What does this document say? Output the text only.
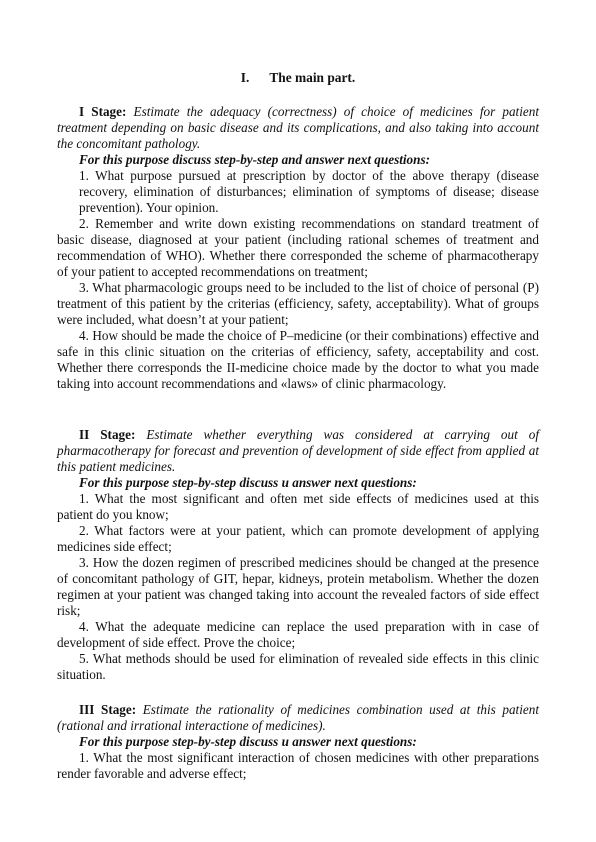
I. The main part.

I Stage: Estimate the adequacy (correctness) of choice of medicines for patient treatment depending on basic disease and its complications, and also taking into account the concomitant pathology.

For this purpose discuss step-by-step and answer next questions:

1. What purpose pursued at prescription by doctor of the above therapy (disease recovery, elimination of disturbances; elimination of symptoms of disease; disease prevention). Your opinion.

2. Remember and write down existing recommendations on standard treatment of basic disease, diagnosed at your patient (including rational schemes of treatment and recommendation of WHO). Whether there corresponded the scheme of pharmacotherapy of your patient to accepted recommendations on treatment;

3. What pharmacologic groups need to be included to the list of choice of personal (P) treatment of this patient by the criterias (efficiency, safety, acceptability). What of groups were included, what doesn’t at your patient;

4. How should be made the choice of P–medicine (or their combinations) effective and safe in this clinic situation on the criterias of efficiency, safety, acceptability and cost. Whether there corresponds the II-medicine choice made by the doctor to what you made taking into account recommendations and «laws» of clinic pharmacology.

II Stage: Estimate whether everything was considered at carrying out of pharmacotherapy for forecast and prevention of development of side effect from applied at this patient medicines.

For this purpose step-by-step discuss u answer next questions:

1. What the most significant and often met side effects of medicines used at this patient do you know;

2. What factors were at your patient, which can promote development of applying medicines side effect;

3. How the dozen regimen of prescribed medicines should be changed at the presence of concomitant pathology of GIT, hepar, kidneys, protein metabolism. Whether the dozen regimen at your patient was changed taking into account the revealed factors of side effect risk;

4. What the adequate medicine can replace the used preparation with in case of development of side effect. Prove the choice;

5. What methods should be used for elimination of revealed side effects in this clinic situation.

III Stage: Estimate the rationality of medicines combination used at this patient (rational and irrational interactione of medicines).

For this purpose step-by-step discuss u answer next questions:

1. What the most significant interaction of chosen medicines with other preparations render favorable and adverse effect;
